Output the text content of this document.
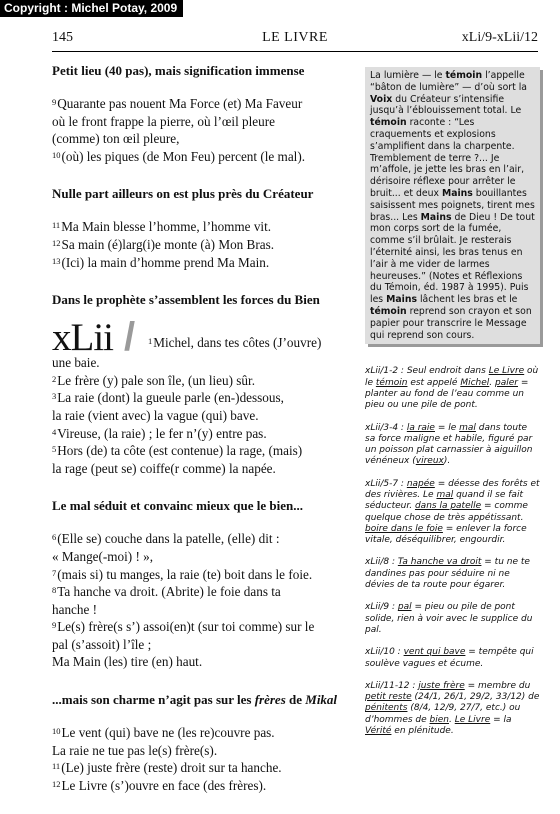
Copyright : Michel Potay, 2009
145	LE LIVRE	xLi/9-xLii/12
Petit lieu (40 pas), mais signification immense

$^9$Quarante pas nouent Ma Force (et) Ma Faveur

où le front frappe la pierre, où l’œil pleure

(comme) ton œil pleure,

$^{10}$(où) les piques (de Mon Feu) percent (le mal).

Nulle part ailleurs on est plus près du Créateur

$^{11}$Ma Main blesse l’homme, l’homme vit.

$^{12}$Sa main (é)larg(i)e monte (à) Mon Bras.

$^{13}$(Ici) la main d’homme prend Ma Main.

Dans le prophète s’assemblent les forces du Bien
xLii / $^1$Michel, dans tes côtes (J’ouvre)

une baie.

$^2$Le frère (y) pale son île, (un lieu) sûr.

$^3$La raie (dont) la gueule parle (en-)dessous,

la raie (vient avec) la vague (qui) bave.

$^4$Vireuse, (la raie) ; le fer n’(y) entre pas.

$^5$Hors (de) ta côte (est contenue) la rage, (mais)

la rage (peut se) coiffe(r comme) la napée.

Le mal séduit et convainc mieux que le bien...

$^6$(Elle se) couche dans la patelle, (elle) dit :

« Mange(-moi) ! »,

$^7$(mais si) tu manges, la raie (te) boit dans le foie.

$^8$Ta hanche va droit. (Abrite) le foie dans ta

hanche !

$^9$Le(s) frère(s s’) assoi(en)t (sur toi comme) sur le

pal (s’assoit) l’île ;

Ma Main (les) tire (en) haut.

...mais son charme n’agit pas sur les frères de Mikal

$^{10}$Le vent (qui) bave ne (les re)couvre pas.

La raie ne tue pas le(s) frère(s).

$^{11}$(Le) juste frère (reste) droit sur ta hanche.

$^{12}$Le Livre (s’)ouvre en face (des frères).

La lumière — le témoin l’appelle “bâton de lumière” — d’où sort la Voix du Créateur s’intensifie jusqu’à l’éblouissement total. Le témoin raconte : “Les craquements et explosions s’amplifient dans la charpente. Tremblement de terre ?... Je m’affole, je jette les bras en l’air, dérisoire réflexe pour arrêter le bruit... et deux Mains bouillantes saisissent mes poignets, tirent mes bras... Les Mains de Dieu ! De tout mon corps sort de la fumée, comme s’il brûlait. Je resterais l’éternité ainsi, les bras tenus en l’air à me vider de larmes heureuses.” (Notes et Réflexions du Témoin, éd. 1987 à 1995). Puis les Mains lâchent les bras et le témoin reprend son crayon et son papier pour transcrire le Message qui reprend son cours.

xLii/1-2 : Seul endroit dans Le Livre où le témoin est appelé Michel. paler = planter au fond de l’eau comme un pieu ou une pile de pont.

xLii/3-4 : la raie = le mal dans toute sa force maligne et habile, figuré par un poisson plat carnassier à aiguillon vénéneux (vireux).

xLii/5-7 : napée = déesse des forêts et des rivières. Le mal quand il se fait séducteur. dans la patelle = comme quelque chose de très appétissant. boire dans le foie = enlever la force vitale, déséquilibrer, engourdir.

xLii/8 : Ta hanche va droit = tu ne te dandines pas pour séduire ni ne dévies de ta route pour égarer.

xLii/9 : pal = pieu ou pile de pont solide, rien à voir avec le supplice du pal.

xLii/10 : vent qui bave = tempête qui soulève vagues et écume.

xLii/11-12 : juste frère = membre du petit reste (24/1, 26/1, 29/2, 33/12) de pénitents (8/4, 12/9, 27/7, etc.) ou d’hommes de bien. Le Livre = la Vérité en plénitude.
